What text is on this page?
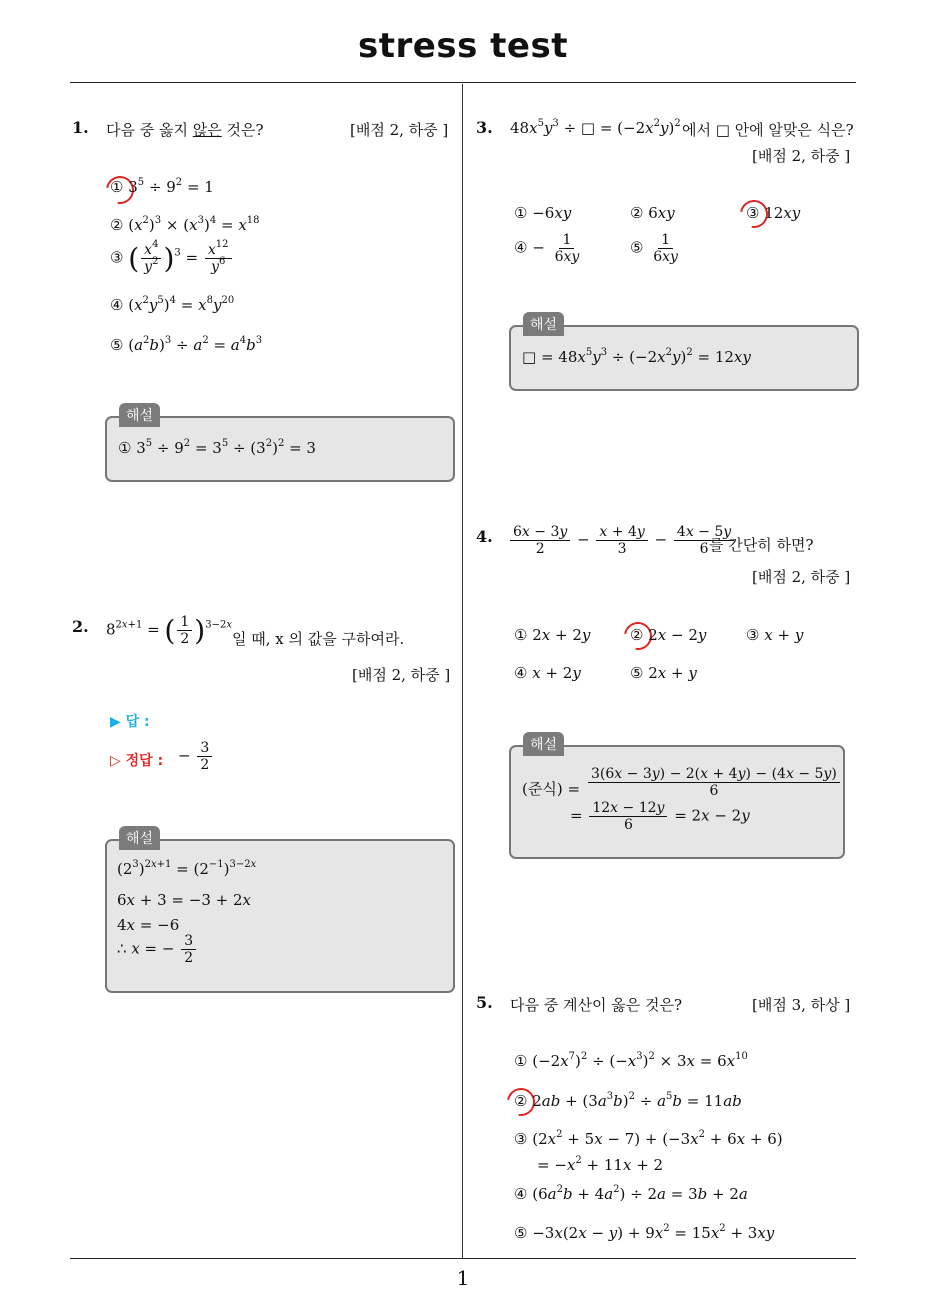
stress test
1
1. 다음 중 옳지 않은 것은?	[배점 2, 하중 ]
① $3^5 \div 9^2 = 1$
② $(x^2)^3 \times (x^3)^4 = x^{18}$
③ ( $\frac{x^4}{y^2} )^3 = \frac{x^{12}}{y^6}$
④ $(x^2y^5)^4 = x^8y^{20}$
⑤ $(a^2b)^3 \div a^2 = a^4b^3$
해설
① $3^5 \div 9^2 = 3^5 \div (3^2)^2 = 3$
2. $8^{2x+1}$ = ( $\frac{1}{2} )^{3-2x}$
일 때, x 의 값을 구하여라.
[배점 2, 하중 ]
▶ 답 :
▷ 정답 : − $\frac{3}{2}$
해설
$(2^3)^{2x+1} = (2^{-1})^{3-2x}$
6x + 3 = −3 + 2x
4x = −6
∴ x = − $\frac{3}{2}$
3. $48x^5y^3$ ÷ □ = $(-2x^2y)^2$ 에서 □ 안에 알맞은 식은?
[배점 2, 하중 ]
① −6xy	② 6xy	③ 12xy
④ − $\frac{1}{6xy}$	⑤ $\frac{1}{6xy}$
해설
□ = $48x^5y^3 \div (-2x^2y)^2 = 12xy$
4. $\frac{6x - 3y}{2} - \frac{x + 4y}{3} - \frac{4x - 5y}{6}$
를 간단히 하면?
[배점 2, 하중 ]
① 2x + 2y	② 2x − 2y	③ x + y
④ x + 2y	⑤ 2x + y
해설
(준식) = $\frac{3(6x - 3y) - 2(x + 4y) - (4x - 5y)}{6}$
= $\frac{12x - 12y}{6} = 2x - 2y$
5. 다음 중 계산이 옳은 것은?	[배점 3, 하상 ]
① $(-2x^7)^2 \div (-x^3)^2 \times 3x = 6x^{10}$
② $2ab + (3a^3b)^2 \div a^5b = 11ab$
③ $(2x^2 + 5x - 7) + (-3x^2 + 6x + 6)$
= $-x^2 + 11x + 2$
④ $(6a^2b + 4a^2) \div 2a = 3b + 2a$
⑤ $-3x(2x - y) + 9x^2 = 15x^2 + 3xy$
